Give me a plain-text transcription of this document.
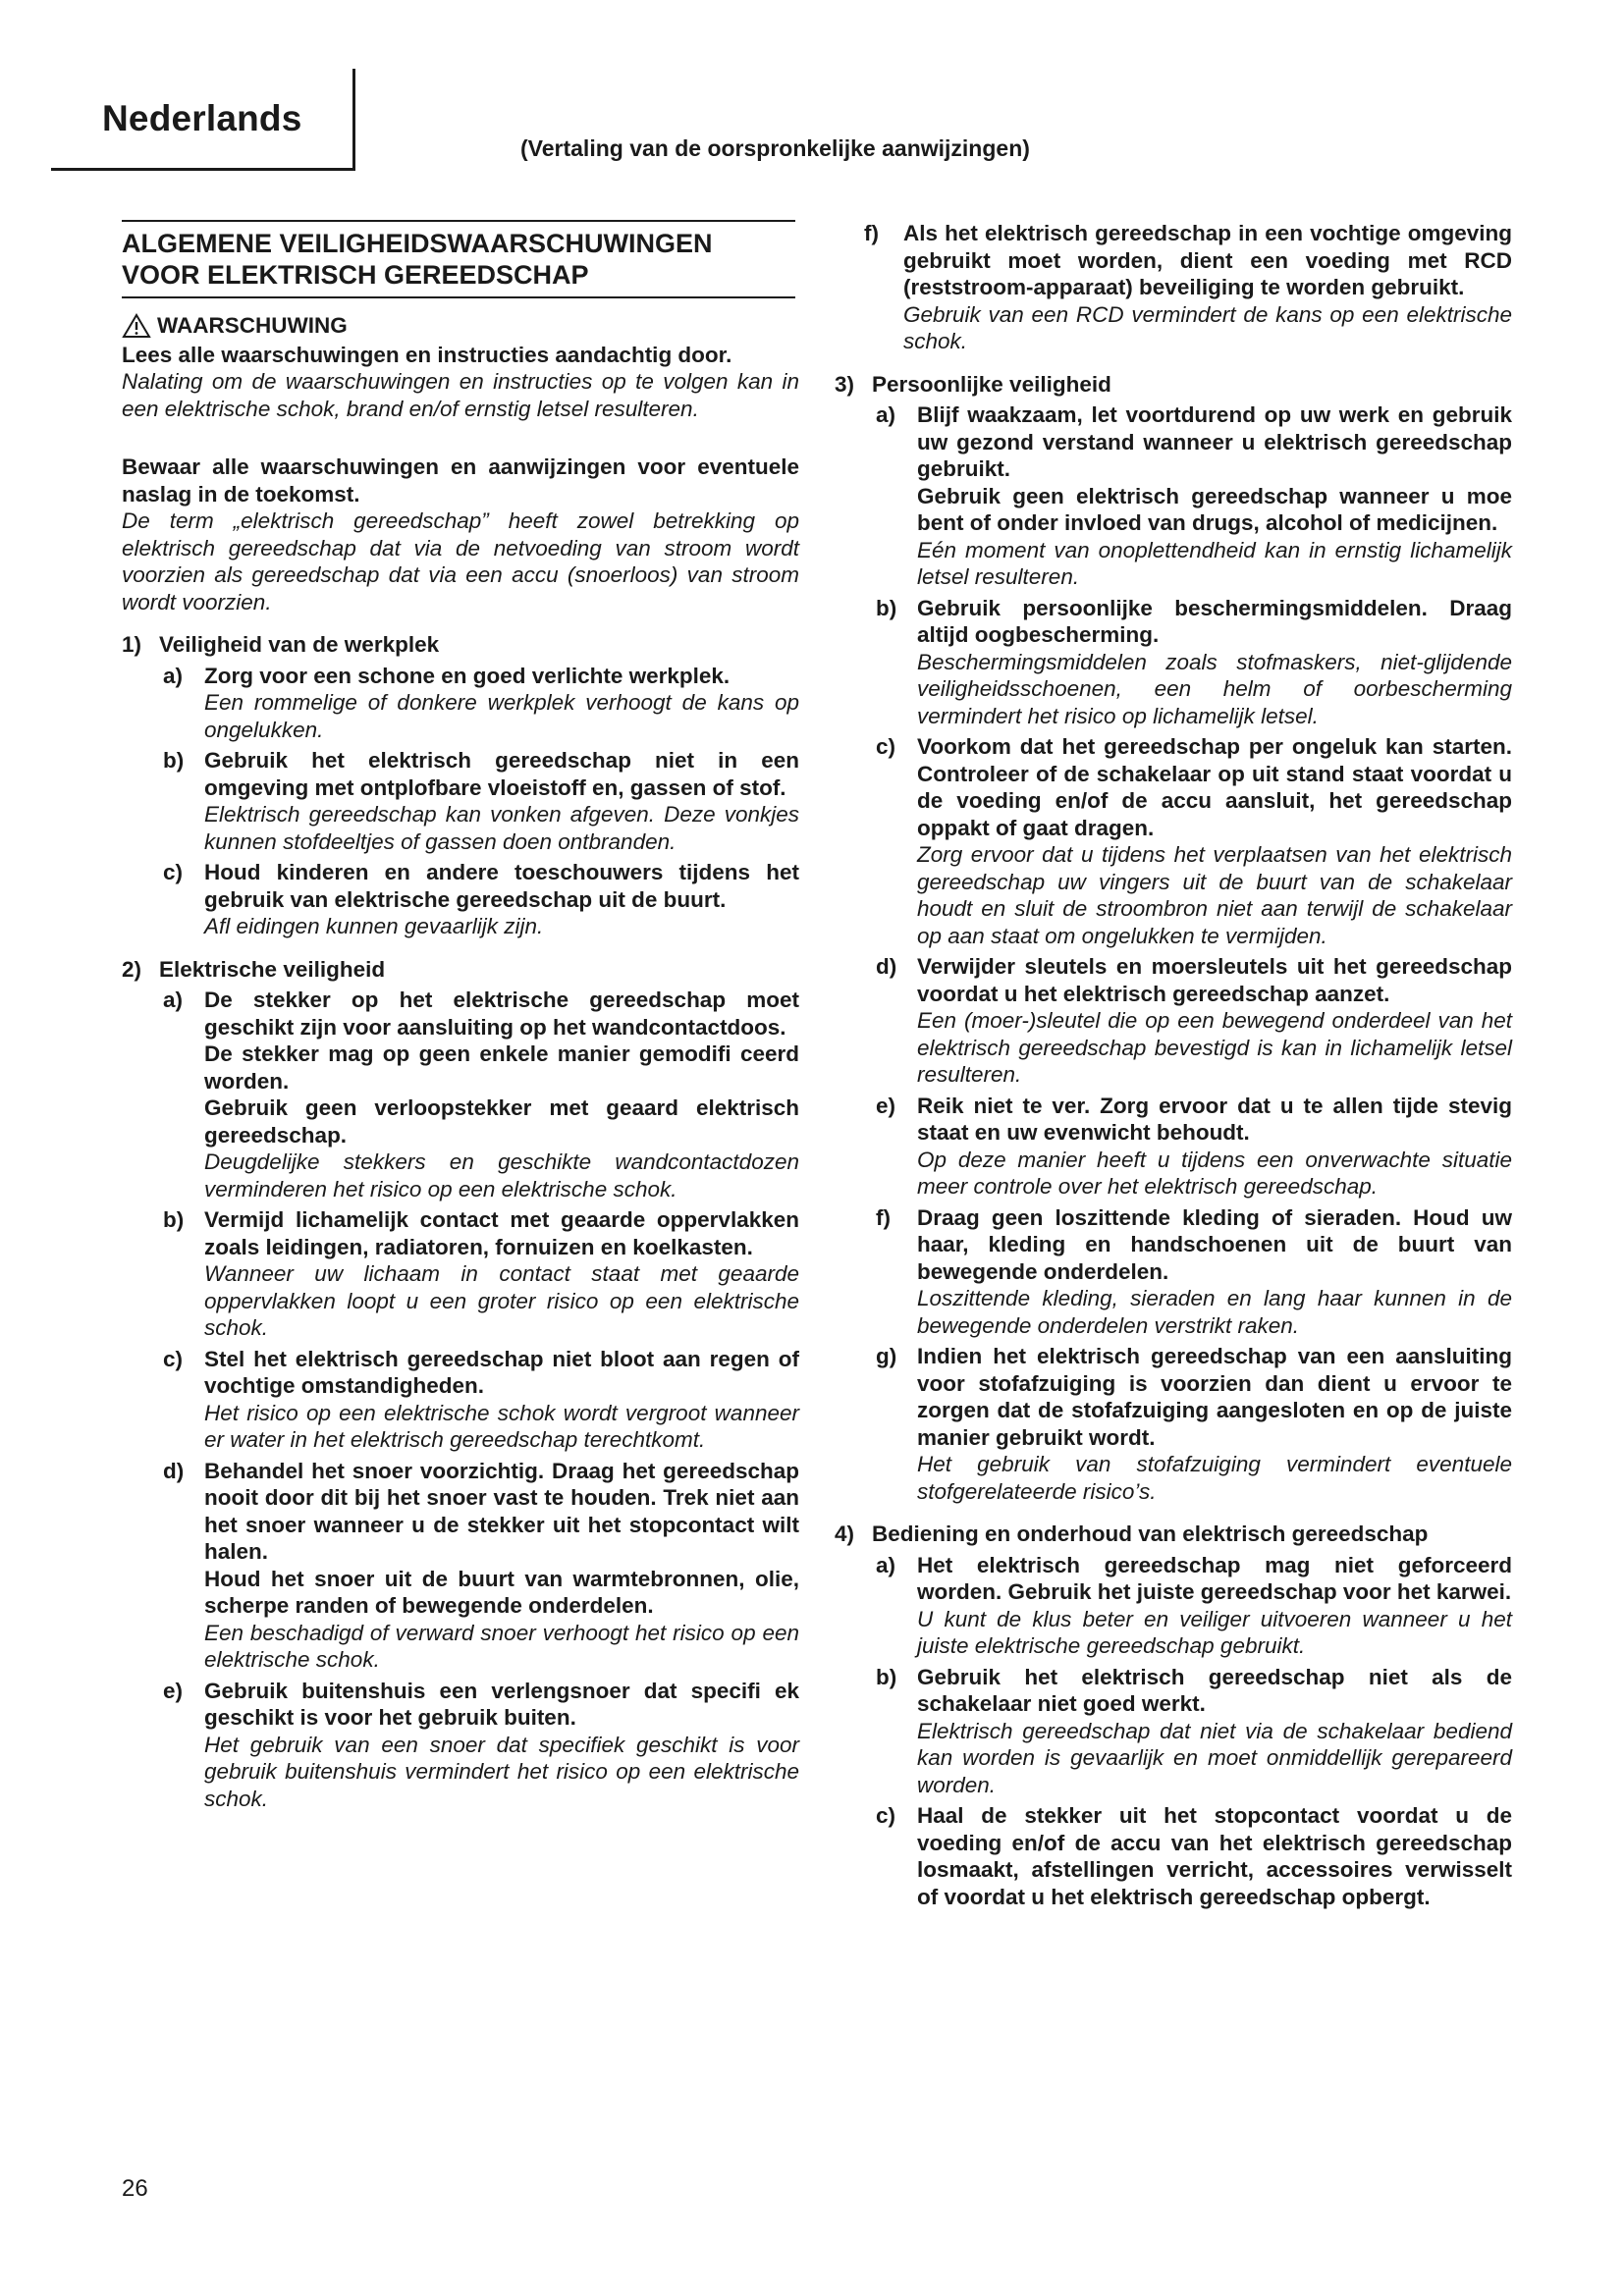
Nederlands
(Vertaling van de oorspronkelijke aanwijzingen)

ALGEMENE VEILIGHEIDSWAARSCHUWINGEN VOOR ELEKTRISCH GEREEDSCHAP

WAARSCHUWING

Lees alle waarschuwingen en instructies aandachtig door.

Nalating om de waarschuwingen en instructies op te volgen kan in een elektrische schok, brand en/of ernstig letsel resulteren.

Bewaar alle waarschuwingen en aanwijzingen voor eventuele naslag in de toekomst.

De term „elektrisch gereedschap” heeft zowel betrekking op elektrisch gereedschap dat via de netvoeding van stroom wordt voorzien als gereedschap dat via een accu (snoerloos) van stroom wordt voorzien.

1) Veiligheid van de werkplek
a) Zorg voor een schone en goed verlichte werkplek.

Een rommelige of donkere werkplek verhoogt de kans op ongelukken.

b) Gebruik het elektrisch gereedschap niet in een omgeving met ontplofbare vloeistoff en, gassen of stof.

Elektrisch gereedschap kan vonken afgeven. Deze vonkjes kunnen stofdeeltjes of gassen doen ontbranden.

c) Houd kinderen en andere toeschouwers tijdens het gebruik van elektrische gereedschap uit de buurt.

Afl eidingen kunnen gevaarlijk zijn.

2) Elektrische veiligheid
a) De stekker op het elektrische gereedschap moet geschikt zijn voor aansluiting op het wandcontactdoos.

De stekker mag op geen enkele manier gemodifi ceerd worden.

Gebruik geen verloopstekker met geaard elektrisch gereedschap.

Deugdelijke stekkers en geschikte wandcontactdozen verminderen het risico op een elektrische schok.

b) Vermijd lichamelijk contact met geaarde oppervlakken zoals leidingen, radiatoren, fornuizen en koelkasten.

Wanneer uw lichaam in contact staat met geaarde oppervlakken loopt u een groter risico op een elektrische schok.

c) Stel het elektrisch gereedschap niet bloot aan regen of vochtige omstandigheden.

Het risico op een elektrische schok wordt vergroot wanneer er water in het elektrisch gereedschap terechtkomt.

d) Behandel het snoer voorzichtig. Draag het gereedschap nooit door dit bij het snoer vast te houden. Trek niet aan het snoer wanneer u de stekker uit het stopcontact wilt halen.

Houd het snoer uit de buurt van warmtebronnen, olie, scherpe randen of bewegende onderdelen.

Een beschadigd of verward snoer verhoogt het risico op een elektrische schok.

e) Gebruik buitenshuis een verlengsnoer dat specifi ek geschikt is voor het gebruik buiten.

Het gebruik van een snoer dat specifiek geschikt is voor gebruik buitenshuis vermindert het risico op een elektrische schok.

f)	Als het elektrisch gereedschap in een vochtige omgeving gebruikt moet worden, dient een voeding met RCD (reststroom-apparaat) beveiliging te worden gebruikt.

Gebruik van een RCD vermindert de kans op een elektrische schok.

3) Persoonlijke veiligheid
a) Blijf waakzaam, let voortdurend op uw werk en gebruik uw gezond verstand wanneer u elektrisch gereedschap gebruikt.

Gebruik geen elektrisch gereedschap wanneer u moe bent of onder invloed van drugs, alcohol of medicijnen.

Eén moment van onoplettendheid kan in ernstig lichamelijk letsel resulteren.

b) Gebruik persoonlijke beschermingsmiddelen. Draag altijd oogbescherming.

Beschermingsmiddelen zoals stofmaskers, niet-glijdende veiligheidsschoenen, een helm of oorbescherming vermindert het risico op lichamelijk letsel.

c) Voorkom dat het gereedschap per ongeluk kan starten. Controleer of de schakelaar op uit stand staat voordat u de voeding en/of de accu aansluit, het gereedschap oppakt of gaat dragen.

Zorg ervoor dat u tijdens het verplaatsen van het elektrisch gereedschap uw vingers uit de buurt van de schakelaar houdt en sluit de stroombron niet aan terwijl de schakelaar op aan staat om ongelukken te vermijden.

d) Verwijder sleutels en moersleutels uit het gereedschap voordat u het elektrisch gereedschap aanzet.

Een (moer-)sleutel die op een bewegend onderdeel van het elektrisch gereedschap bevestigd is kan in lichamelijk letsel resulteren.

e) Reik niet te ver. Zorg ervoor dat u te allen tijde stevig staat en uw evenwicht behoudt.

Op deze manier heeft u tijdens een onverwachte situatie meer controle over het elektrisch gereedschap.

f)	Draag geen loszittende kleding of sieraden. Houd uw haar, kleding en handschoenen uit de buurt van bewegende onderdelen.

Loszittende kleding, sieraden en lang haar kunnen in de bewegende onderdelen verstrikt raken.

g) Indien het elektrisch gereedschap van een aansluiting voor stofafzuiging is voorzien dan dient u ervoor te zorgen dat de stofafzuiging aangesloten en op de juiste manier gebruikt wordt.

Het gebruik van stofafzuiging vermindert eventuele stofgerelateerde risico’s.

4) Bediening en onderhoud van elektrisch gereedschap
a) Het elektrisch gereedschap mag niet geforceerd worden. Gebruik het juiste gereedschap voor het karwei.

U kunt de klus beter en veiliger uitvoeren wanneer u het juiste elektrische gereedschap gebruikt.

b) Gebruik het elektrisch gereedschap niet als de schakelaar niet goed werkt.

Elektrisch gereedschap dat niet via de schakelaar bediend kan worden is gevaarlijk en moet onmiddellijk gerepareerd worden.

c) Haal de stekker uit het stopcontact voordat u de voeding en/of de accu van het elektrisch gereedschap losmaakt, afstellingen verricht, accessoires verwisselt of voordat u het elektrisch gereedschap opbergt.

26
